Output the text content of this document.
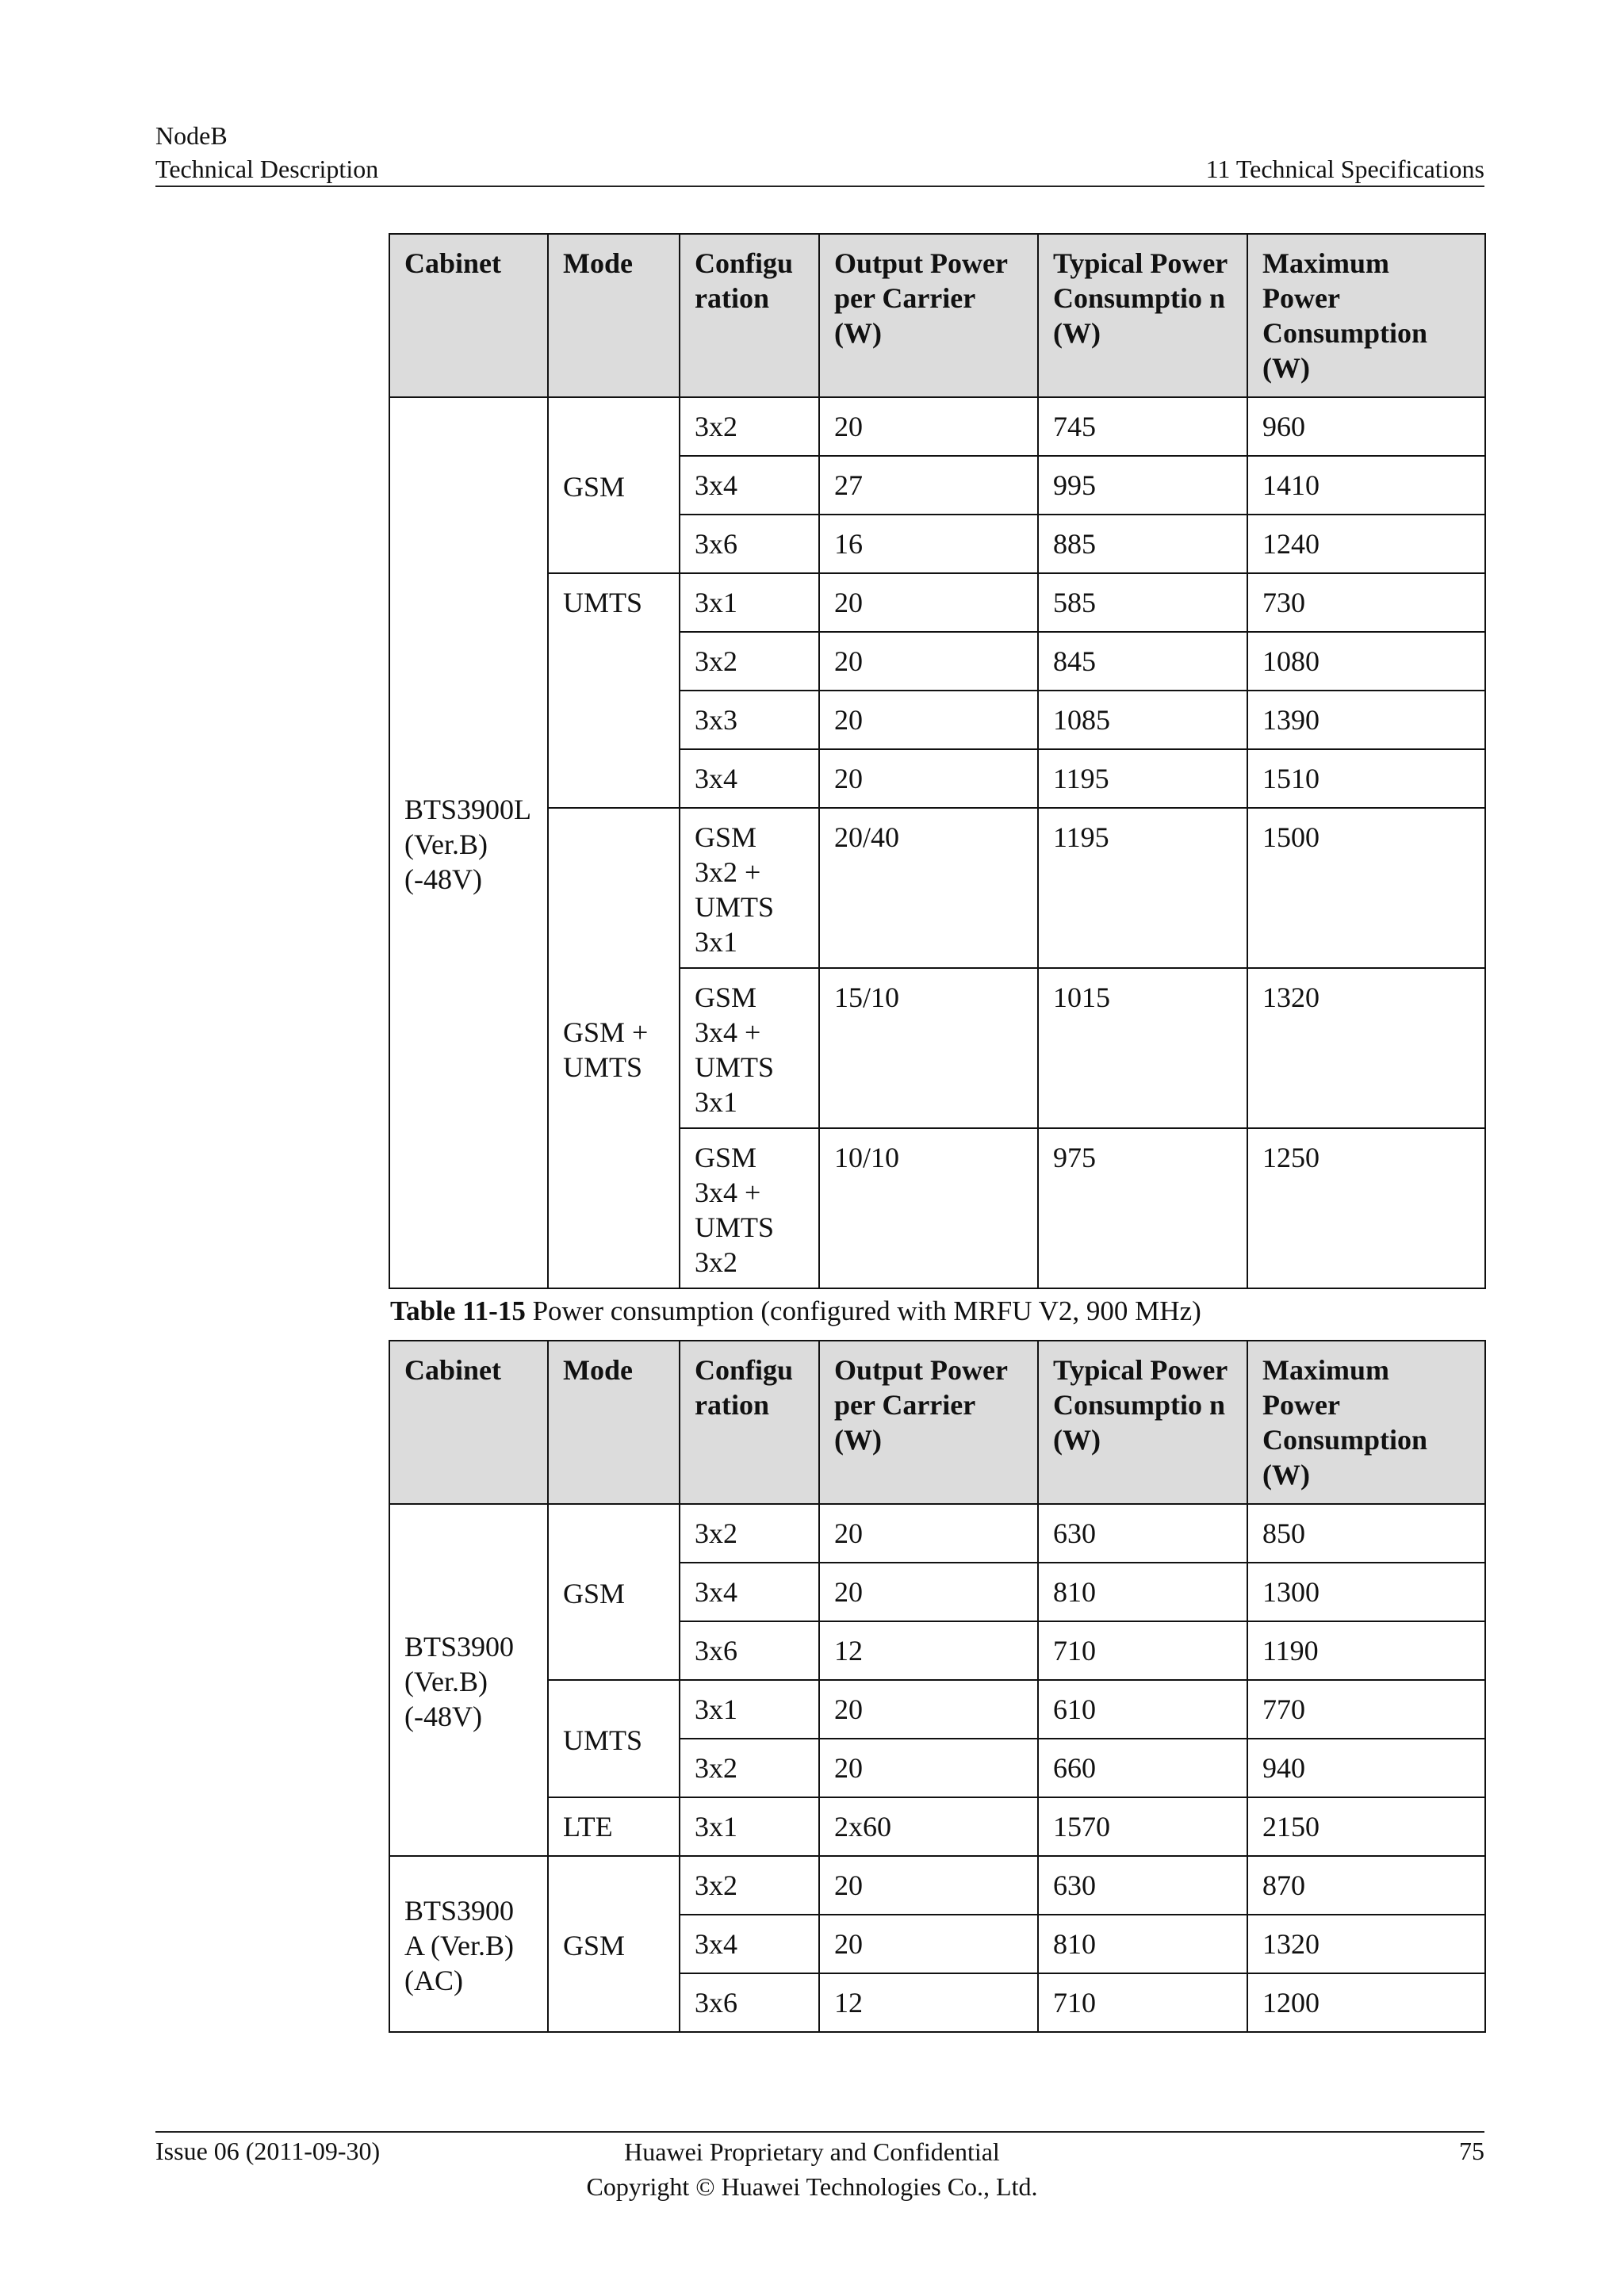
NodeB
Technical Description	11 Technical Specifications
Cabinet	Mode	Configu ration	Output Power per Carrier (W)	Typical Power Consumptio n (W)	Maximum Power Consumption (W)
BTS3900L (Ver.B) (-48V)	GSM	3x2	20	745	960
		3x4	27	995	1410
		3x6	16	885	1240
	UMTS	3x1	20	585	730
		3x2	20	845	1080
		3x3	20	1085	1390
		3x4	20	1195	1510
	GSM + UMTS	GSM 3x2 + UMTS 3x1	20/40	1195	1500
		GSM 3x4 + UMTS 3x1	15/10	1015	1320
		GSM 3x4 + UMTS 3x2	10/10	975	1250
Table 11-15 Power consumption (configured with MRFU V2, 900 MHz)
Cabinet	Mode	Configu ration	Output Power per Carrier (W)	Typical Power Consumptio n (W)	Maximum Power Consumption (W)
BTS3900 (Ver.B) (-48V)	GSM	3x2	20	630	850
		3x4	20	810	1300
		3x6	12	710	1190
	UMTS	3x1	20	610	770
		3x2	20	660	940
	LTE	3x1	2x60	1570	2150
BTS3900 A (Ver.B) (AC)	GSM	3x2	20	630	870
		3x4	20	810	1320
		3x6	12	710	1200
Issue 06 (2011-09-30)	Huawei Proprietary and Confidential
Copyright © Huawei Technologies Co., Ltd.
75
